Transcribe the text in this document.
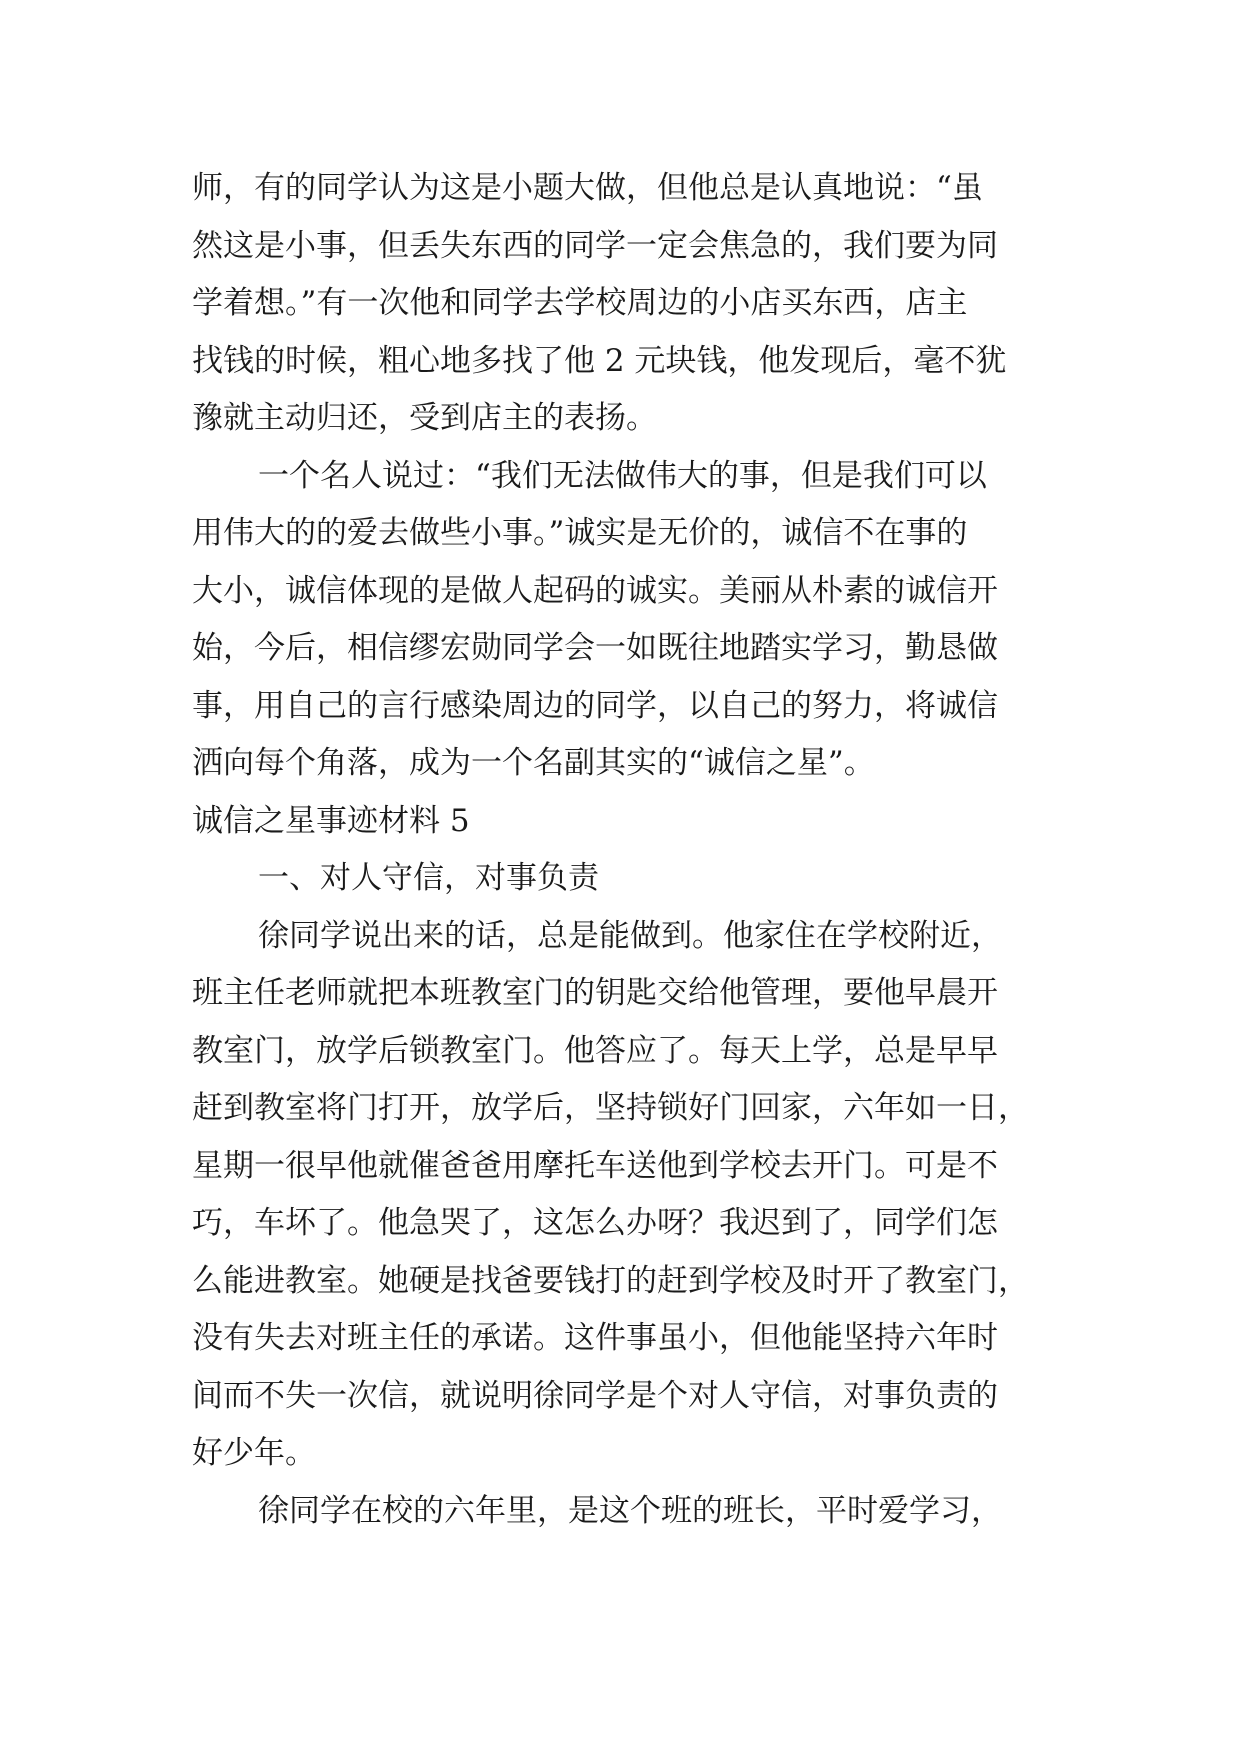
师，有的同学认为这是小题大做，但他总是认真地说：“虽
然这是小事，但丢失东西的同学一定会焦急的，我们要为同
学着想。”有一次他和同学去学校周边的小店买东西，店主
找钱的时候，粗心地多找了他 2 元块钱，他发现后，毫不犹
豫就主动归还，受到店主的表扬。
一个名人说过：“我们无法做伟大的事，但是我们可以
用伟大的的爱去做些小事。”诚实是无价的，诚信不在事的
大小，诚信体现的是做人起码的诚实。美丽从朴素的诚信开
始，今后，相信缪宏勋同学会一如既往地踏实学习，勤恳做
事，用自己的言行感染周边的同学，以自己的努力，将诚信
洒向每个角落，成为一个名副其实的“诚信之星”。
诚信之星事迹材料 5
一、对人守信，对事负责
徐同学说出来的话，总是能做到。他家住在学校附近，
班主任老师就把本班教室门的钥匙交给他管理，要他早晨开
教室门，放学后锁教室门。他答应了。每天上学，总是早早
赶到教室将门打开，放学后，坚持锁好门回家，六年如一日，
星期一很早他就催爸爸用摩托车送他到学校去开门。可是不
巧，车坏了。他急哭了，这怎么办呀？我迟到了，同学们怎
么能进教室。她硬是找爸要钱打的赶到学校及时开了教室门，
没有失去对班主任的承诺。这件事虽小，但他能坚持六年时
间而不失一次信，就说明徐同学是个对人守信，对事负责的
好少年。
徐同学在校的六年里，是这个班的班长，平时爱学习，
